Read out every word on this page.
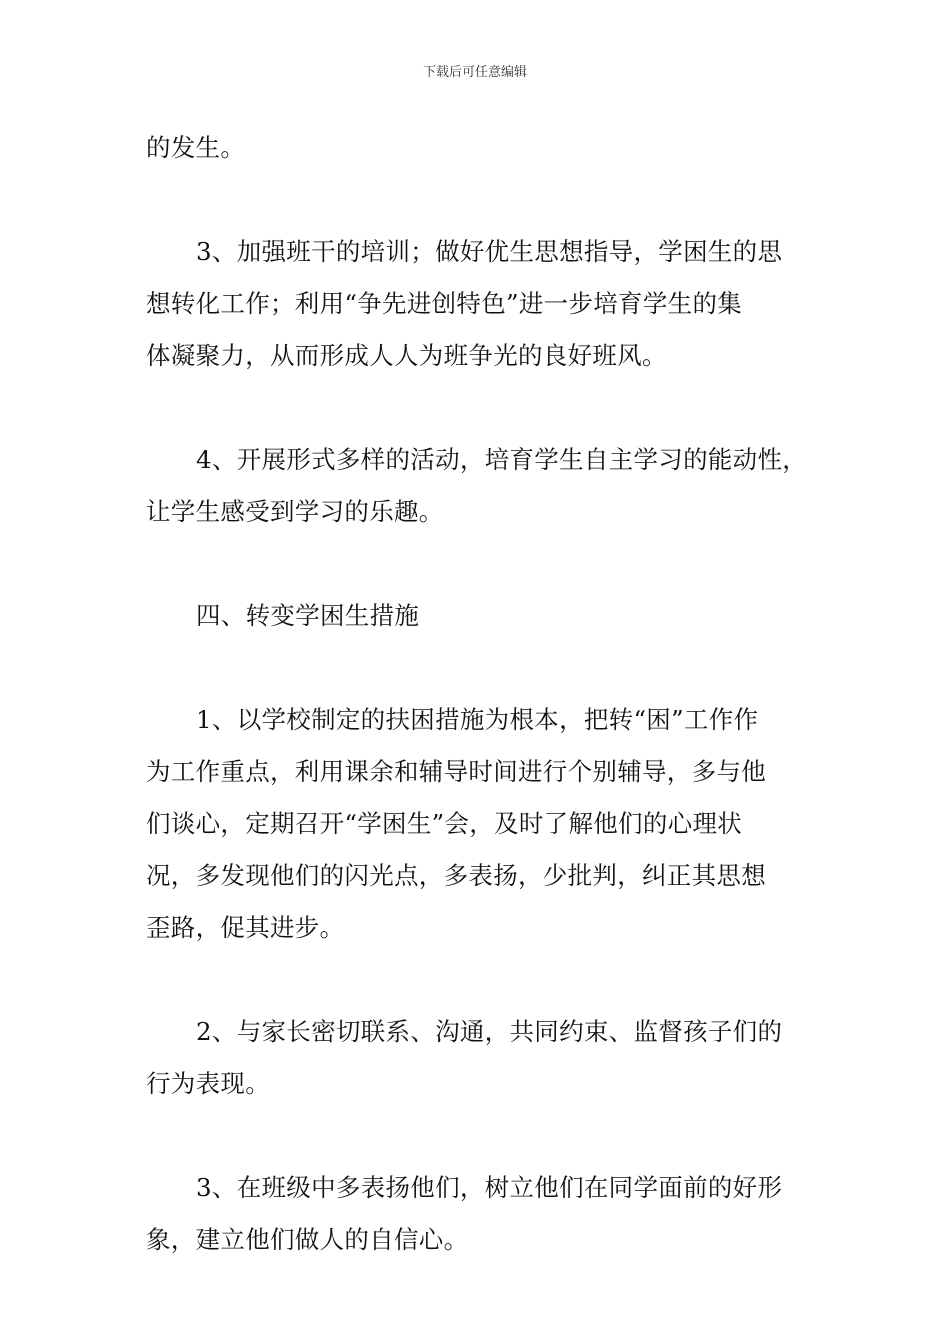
下载后可任意编辑
的发生。
3、加强班干的培训；做好优生思想指导，学困生的思
想转化工作；利用“争先进创特色”进一步培育学生的集
体凝聚力，从而形成人人为班争光的良好班风。
4、开展形式多样的活动，培育学生自主学习的能动性，
让学生感受到学习的乐趣。
四、转变学困生措施
1、以学校制定的扶困措施为根本，把转“困”工作作
为工作重点，利用课余和辅导时间进行个别辅导，多与他
们谈心，定期召开“学困生”会，及时了解他们的心理状
况，多发现他们的闪光点，多表扬，少批判，纠正其思想
歪路，促其进步。
2、与家长密切联系、沟通，共同约束、监督孩子们的
行为表现。
3、在班级中多表扬他们，树立他们在同学面前的好形
象，建立他们做人的自信心。
